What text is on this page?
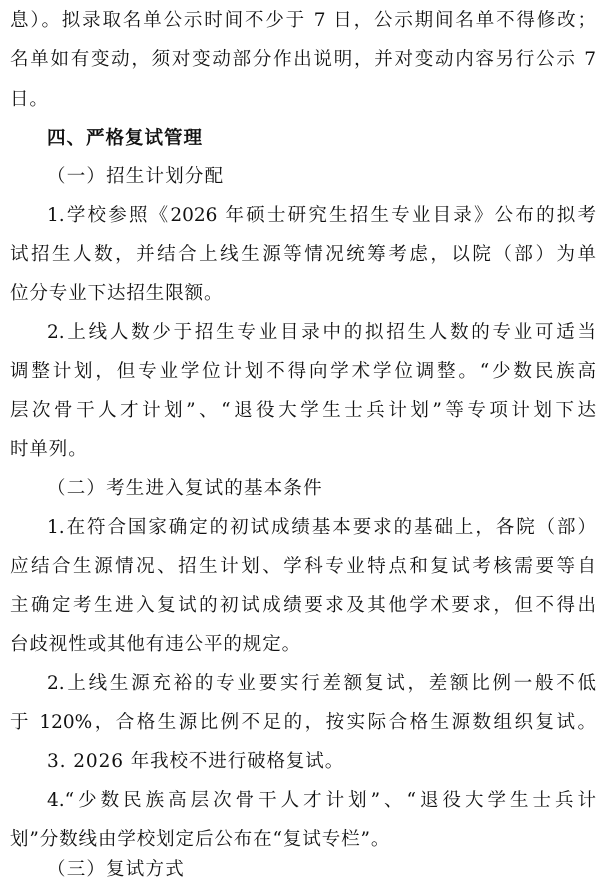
息）。拟录取名单公示时间不少于 7 日，公示期间名单不得修改；
名单如有变动，须对变动部分作出说明，并对变动内容另行公示 7
日。
四、严格复试管理
（一）招生计划分配
1.学校参照《2026 年硕士研究生招生专业目录》公布的拟考
试招生人数，并结合上线生源等情况统筹考虑，以院（部）为单
位分专业下达招生限额。
2.上线人数少于招生专业目录中的拟招生人数的专业可适当
调整计划，但专业学位计划不得向学术学位调整。“少数民族高
层次骨干人才计划”、“退役大学生士兵计划”等专项计划下达
时单列。
（二）考生进入复试的基本条件
1.在符合国家确定的初试成绩基本要求的基础上，各院（部）
应结合生源情况、招生计划、学科专业特点和复试考核需要等自
主确定考生进入复试的初试成绩要求及其他学术要求，但不得出
台歧视性或其他有违公平的规定。
2.上线生源充裕的专业要实行差额复试，差额比例一般不低
于 120%，合格生源比例不足的，按实际合格生源数组织复试。
3. 2026 年我校不进行破格复试。
4.“少数民族高层次骨干人才计划”、“退役大学生士兵计
划”分数线由学校划定后公布在“复试专栏”。
（三）复试方式
